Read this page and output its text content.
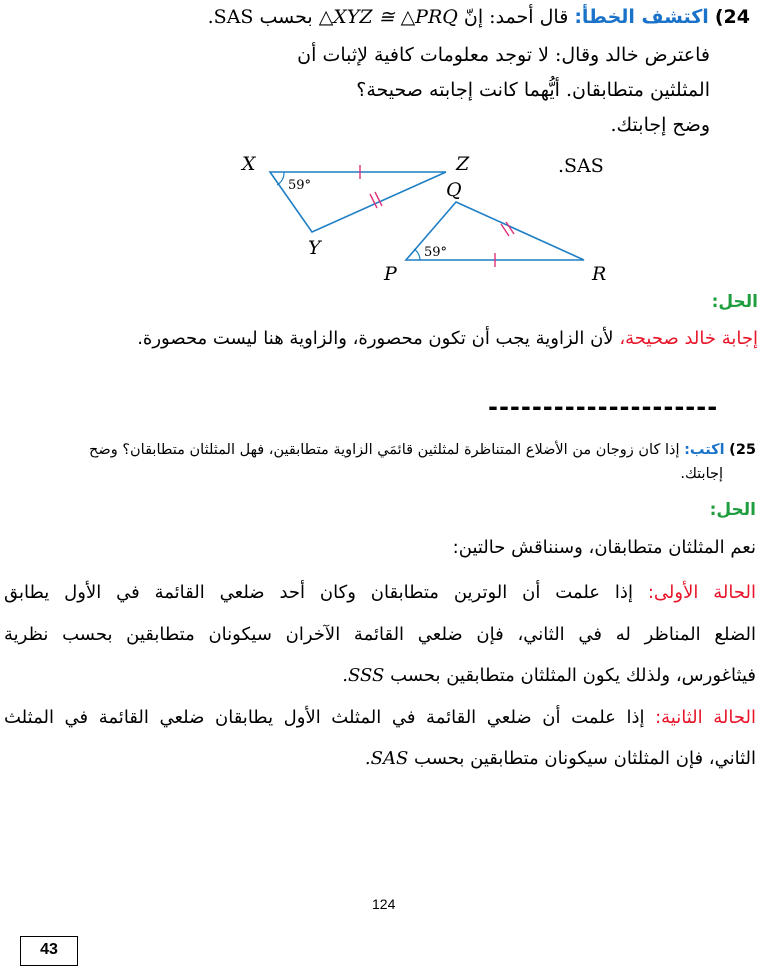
24) اكتشف الخطأ: قال أحمد: إنّ △XYZ ≅ △PRQ بحسب SAS.
فاعترض خالد وقال: لا توجد معلومات كافية لإثبات أن
المثلثين متطابقان. أيُّهما كانت إجابته صحيحة؟
وضح إجابتك.
X	Z
Y
59°	Q
P	R
59°
.SAS
الحل:
إجابة خالد صحيحة، لأن الزاوية يجب أن تكون محصورة، والزاوية هنا ليست محصورة.
---------------------
25) اكتب: إذا كان زوجان من الأضلاع المتناظرة لمثلثين قائمَي الزاوية متطابقين، فهل المثلثان متطابقان؟ وضح
إجابتك.
الحل:
نعم المثلثان متطابقان، وسنناقش حالتين:
الحالة الأولى: إذا علمت أن الوترين متطابقان وكان أحد ضلعي القائمة في الأول يطابق
الضلع المناظر له في الثاني، فإن ضلعي القائمة الآخران سيكونان متطابقين بحسب نظرية
فيثاغورس، ولذلك يكون المثلثان متطابقين بحسب SSS.
الحالة الثانية: إذا علمت أن ضلعي القائمة في المثلث الأول يطابقان ضلعي القائمة في المثلث
الثاني، فإن المثلثان سيكونان متطابقين بحسب SAS.
124
43
